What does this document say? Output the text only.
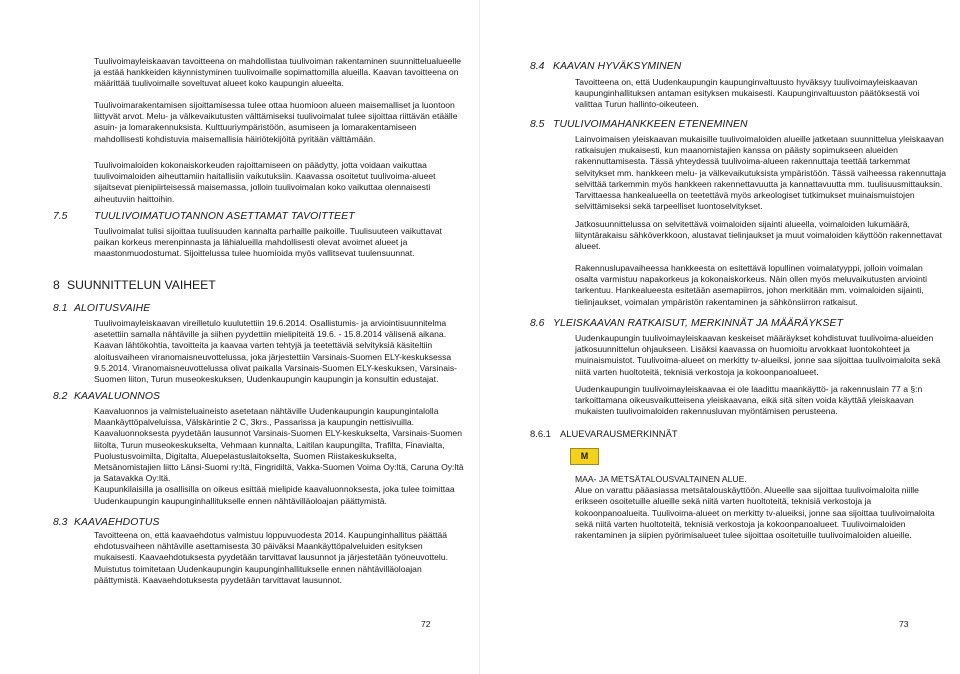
Tuulivoimayleiskaavan tavoitteena on mahdollistaa tuulivoiman rakentaminen suunnittelualueelle
ja estää hankkeiden käynnistyminen tuulivoimalle sopimattomilla alueilla. Kaavan tavoitteena on
määrittää tuulivoimalle soveltuvat alueet koko kaupungin alueelta.
Tuulivoimarakentamisen sijoittamisessa tulee ottaa huomioon alueen maisemalliset ja luontoon
liittyvät arvot. Melu- ja välkevaikutusten välttämiseksi tuulivoimalat tulee sijoittaa riittävän etäälle
asuin- ja lomarakennuksista. Kulttuuriympäristöön, asumiseen ja lomarakentamiseen
mahdollisesti kohdistuvia maisemallisia häiriötekijöitä pyritään välttämään.
Tuulivoimaloiden kokonaiskorkeuden rajoittamiseen on päädytty, jotta voidaan vaikuttaa
tuulivoimaloiden aiheuttamiin haitallisiin vaikutuksiin. Kaavassa osoitetut tuulivoima-alueet
sijaitsevat pienipiirteisessä maisemassa, jolloin tuulivoimalan koko vaikuttaa olennaisesti
aiheutuviin haittoihin.
7.5	TUULIVOIMATUOTANNON ASETTAMAT TAVOITTEET
Tuulivoimalat tulisi sijoittaa tuulisuuden kannalta parhaille paikoille. Tuulisuuteen vaikuttavat
paikan korkeus merenpinnasta ja lähialueilla mahdollisesti olevat avoimet alueet ja
maastonmuodostumat. Sijoittelussa tulee huomioida myös vallitsevat tuulensuunnat.
8 SUUNNITTELUN VAIHEET
8.1 ALOITUSVAIHE
Tuulivoimayleiskaavan vireilletulo kuulutettiin 19.6.2014. Osallistumis- ja arviointisuunnitelma
asetettiin samalla nähtäville ja siihen pyydettiin mielipiteitä 19.6. - 15.8.2014 välisenä aikana.
Kaavan lähtökohtia, tavoitteita ja kaavaa varten tehtyjä ja teetettäviä selvityksiä käsiteltiin
aloitusvaiheen viranomaisneuvottelussa, joka järjestettiin Varsinais-Suomen ELY-keskuksessa
9.5.2014. Viranomaisneuvottelussa olivat paikalla Varsinais-Suomen ELY-keskuksen, Varsinais-
Suomen liiton, Turun museokeskuksen, Uudenkaupungin kaupungin ja konsultin edustajat.
8.2 KAAVALUONNOS
Kaavaluonnos ja valmisteluaineisto asetetaan nähtäville Uudenkaupungin kaupungintalolla
Maankäyttöpalveluissa, Välskärintie 2 C, 3krs., Passarissa ja kaupungin nettisivuilla.
Kaavaluonnoksesta pyydetään lausunnot Varsinais-Suomen ELY-keskukselta, Varsinais-Suomen
liitolta, Turun museokeskukselta, Vehmaan kunnalta, Laitilan kaupungilta, Trafilta, Finavialta,
Puolustusvoimilta, Digitalta, Aluepelastuslaitokselta, Suomen Riistakeskukselta,
Metsänomistajien liitto Länsi-Suomi ry:ltä, Fingridiltä, Vakka-Suomen Voima Oy:ltä, Caruna Oy:ltä
ja Satavakka Oy:ltä.
Kaupunkilaisilla ja osallisilla on oikeus esittää mielipide kaavaluonnoksesta, joka tulee toimittaa
Uudenkaupungin kaupunginhallitukselle ennen nähtävilläoloajan päättymistä.
8.3 KAAVAEHDOTUS
Tavoitteena on, että kaavaehdotus valmistuu loppuvuodesta 2014. Kaupunginhallitus päättää
ehdotusvaiheen nähtäville asettamisesta 30 päiväksi Maankäyttöpalveluiden esityksen
mukaisesti. Kaavaehdotuksesta pyydetään tarvittavat lausunnot ja järjestetään työneuvottelu.
Muistutus toimitetaan Uudenkaupungin kaupunginhallitukselle ennen nähtävilläoloajan
päättymistä. Kaavaehdotuksesta pyydetään tarvittavat lausunnot.
72
8.4 KAAVAN HYVÄKSYMINEN
Tavoitteena on, että Uudenkaupungin kaupunginvaltuusto hyväksyy tuulivoimayleiskaavan
kaupunginhallituksen antaman esityksen mukaisesti. Kaupunginvaltuuston päätöksestä voi
valittaa Turun hallinto-oikeuteen.
8.5 TUULIVOIMAHANKKEEN ETENEMINEN
Lainvoimaisen yleiskaavan mukaisille tuulivoimaloiden alueille jatketaan suunnittelua yleiskaavan
ratkaisujen mukaisesti, kun maanomistajien kanssa on päästy sopimukseen alueiden
rakennuttamisesta. Tässä yhteydessä tuulivoima-alueen rakennuttaja teettää tarkemmat
selvitykset mm. hankkeen melu- ja välkevaikutuksista ympäristöön. Tässä vaiheessa rakennuttaja
selvittää tarkemmin myös hankkeen rakennettavuutta ja kannattavuutta mm. tuulisuusmittauksin.
Tarvittaessa hankealueella on teetettävä myös arkeologiset tutkimukset muinaismuistojen
selvittämiseksi sekä tarpeelliset luontoselvitykset.
Jatkosuunnittelussa on selvitettävä voimaloiden sijainti alueella, voimaloiden lukumäärä,
liityntärakaisu sähköverkkoon, alustavat tielinjaukset ja muut voimaloiden käyttöön rakennettavat
alueet.
Rakennuslupavaiheessa hankkeesta on esitettävä lopullinen voimalatyyppi, jolloin voimalan
osalta varmistuu napakorkeus ja kokonaiskorkeus. Näin ollen myös meluvaikutusten arviointi
tarkentuu. Hankealueesta esitetään asemapiirros, johon merkitään mm. voimaloiden sijainti,
tielinjaukset, voimalan ympäristön rakentaminen ja sähkönsiirron ratkaisut.
8.6 YLEISKAAVAN RATKAISUT, MERKINNÄT JA MÄÄRÄYKSET
Uudenkaupungin tuulivoimayleiskaavan keskeiset määräykset kohdistuvat tuulivoima-alueiden
jatkosuunnittelun ohjaukseen. Lisäksi kaavassa on huomioitu arvokkaat luontokohteet ja
muinaismuistot. Tuulivoima-alueet on merkitty tv-alueiksi, jonne saa sijoittaa tuulivoimaloita sekä
niitä varten huoltoteitä, teknisiä verkostoja ja kokoonpanoalueet.
Uudenkaupungin tuulivoimayleiskaavaa ei ole laadittu maankäyttö- ja rakennuslain 77 a §:n
tarkoittamana oikeusvaikutteisena yleiskaavana, eikä sitä siten voida käyttää yleiskaavan
mukaisten tuulivoimaloiden rakennusluvan myöntämisen perusteena.
8.6.1 ALUEVARAUSMERKINNÄT
M
MAA- JA METSÄTALOUSVALTAINEN ALUE.
Alue on varattu pääasiassa metsätalouskäyttöön. Alueelle saa sijoittaa tuulivoimaloita niille
erikseen osoitetuille alueille sekä niitä varten huoltoteitä, teknisiä verkostoja ja
kokoonpanoalueita. Tuulivoima-alueet on merkitty tv-alueiksi, jonne saa sijoittaa tuulivoimaloita
sekä niitä varten huoltoteitä, teknisiä verkostoja ja kokoonpanoalueet. Tuulivoimaloiden
rakentaminen ja siipien pyörimisalueet tulee sijoittaa osoitetuille tuulivoimaloiden alueille.
73
